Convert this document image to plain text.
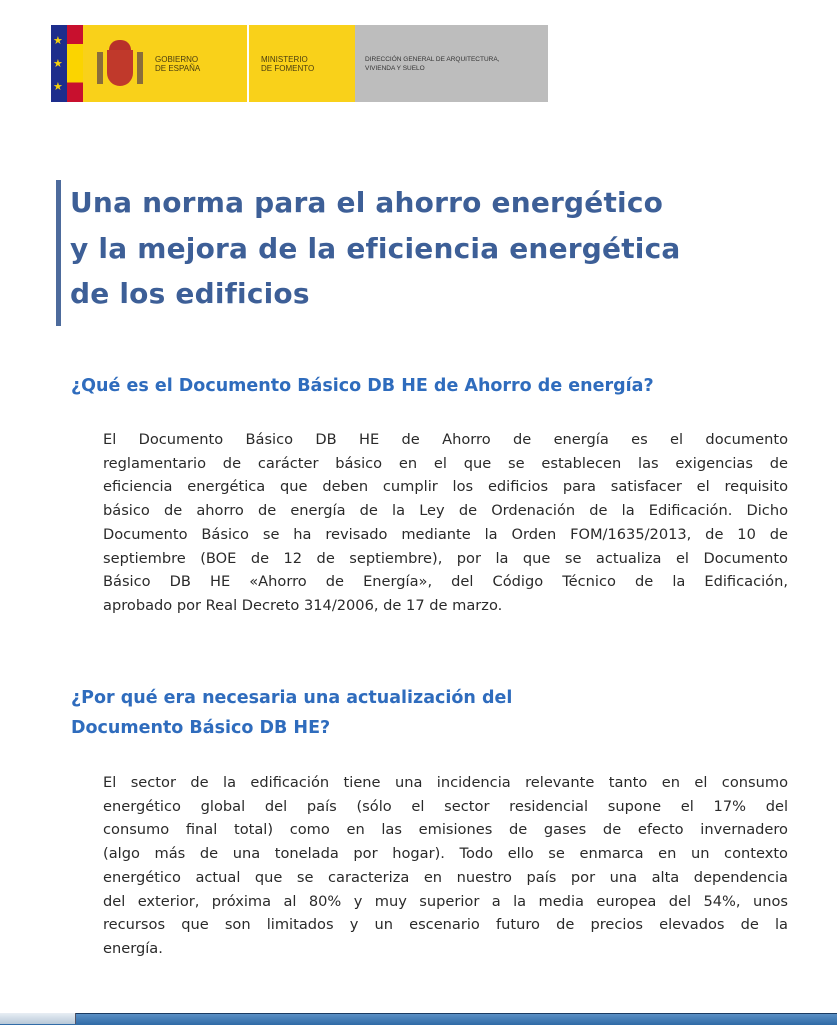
★
★
★
GOBIERNO
DE ESPAÑA
MINISTERIO
DE FOMENTO
DIRECCIÓN GENERAL DE ARQUITECTURA,
VIVIENDA Y SUELO
Una norma para el ahorro energético
y la mejora de la eficiencia energética
de los edificios
¿Qué es el Documento Básico DB HE de Ahorro de energía?
El Documento Básico DB HE de Ahorro de energía es el documento
reglamentario de carácter básico en el que se establecen las exigencias de
eficiencia energética que deben cumplir los edificios para satisfacer el requisito
básico de ahorro de energía de la Ley de Ordenación de la Edificación. Dicho
Documento Básico se ha revisado mediante la Orden FOM/1635/2013, de 10 de
septiembre (BOE de 12 de septiembre), por la que se actualiza el Documento
Básico DB HE «Ahorro de Energía», del Código Técnico de la Edificación,
aprobado por Real Decreto 314/2006, de 17 de marzo.
¿Por qué era necesaria una actualización del
Documento Básico DB HE?
El sector de la edificación tiene una incidencia relevante tanto en el consumo
energético global del país (sólo el sector residencial supone el 17% del
consumo final total) como en las emisiones de gases de efecto invernadero
(algo más de una tonelada por hogar). Todo ello se enmarca en un contexto
energético actual que se caracteriza en nuestro país por una alta dependencia
del exterior, próxima al 80% y muy superior a la media europea del 54%, unos
recursos que son limitados y un escenario futuro de precios elevados de la
energía.
